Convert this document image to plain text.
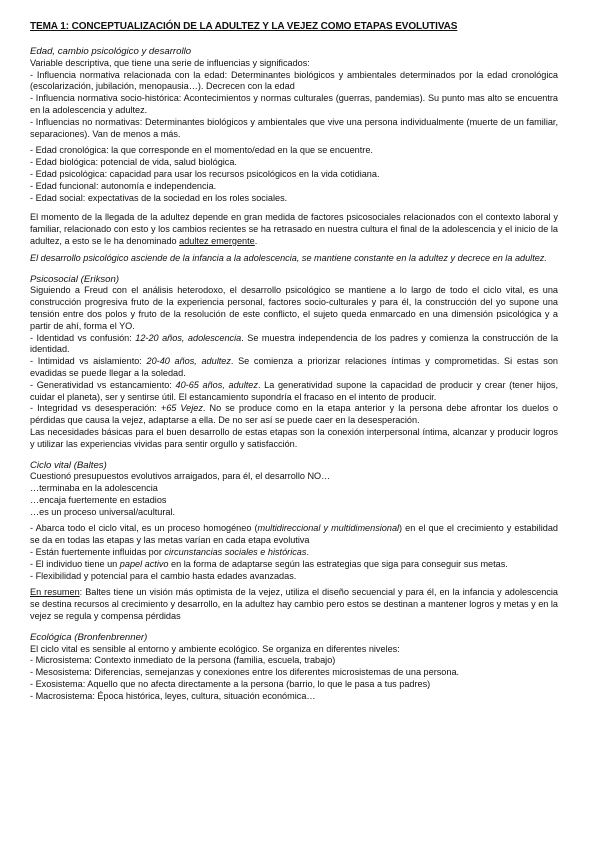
TEMA 1: CONCEPTUALIZACIÓN DE LA ADULTEZ Y LA VEJEZ COMO ETAPAS EVOLUTIVAS

Edad, cambio psicológico y desarrollo

Variable descriptiva, que tiene una serie de influencias y significados:

- Influencia normativa relacionada con la edad: Determinantes biológicos y ambientales determinados por la edad cronológica (escolarización, jubilación, menopausia…). Decrecen con la edad

- Influencia normativa socio-histórica: Acontecimientos y normas culturales (guerras, pandemias). Su punto mas alto se encuentra en la adolescencia y adultez.

- Influencias no normativas: Determinantes biológicos y ambientales que vive una persona individualmente (muerte de un familiar, separaciones). Van de menos a más.

- Edad cronológica: la que corresponde en el momento/edad en la que se encuentre.

- Edad biológica: potencial de vida, salud biológica.

- Edad psicológica: capacidad para usar los recursos psicológicos en la vida cotidiana.

- Edad funcional: autonomía e independencia.

- Edad social: expectativas de la sociedad en los roles sociales.

El momento de la llegada de la adultez depende en gran medida de factores psicosociales relacionados con el contexto laboral y familiar, relacionado con esto y los cambios recientes se ha retrasado en nuestra cultura el final de la adolescencia y el inicio de la adultez, a esto se le ha denominado adultez emergente.

El desarrollo psicológico asciende de la infancia a la adolescencia, se mantiene constante en la adultez y decrece en la adultez.

Psicosocial (Erikson)

Siguiendo a Freud con el análisis heterodoxo, el desarrollo psicológico se mantiene a lo largo de todo el ciclo vital, es una construcción progresiva fruto de la experiencia personal, factores socio-culturales y para él, la construcción del yo supone una tensión entre dos polos y fruto de la resolución de este conflicto, el sujeto queda enmarcado en una dimensión psicológica y a partir de ahí, forma el YO.

- Identidad vs confusión: 12-20 años, adolescencia. Se muestra independencia de los padres y comienza la construcción de la identidad.

- Intimidad vs aislamiento: 20-40 años, adultez. Se comienza a priorizar relaciones íntimas y comprometidas. Si estas son evadidas se puede llegar a la soledad.

- Generatividad vs estancamiento: 40-65 años, adultez. La generatividad supone la capacidad de producir y crear (tener hijos, cuidar el planeta), ser y sentirse útil. El estancamiento supondría el fracaso en el intento de producir.

- Integridad vs desesperación: +65 Vejez. No se produce como en la etapa anterior y la persona debe afrontar los duelos o pérdidas que causa la vejez, adaptarse a ella. De no ser así se puede caer en la desesperación.

Las necesidades básicas para el buen desarrollo de estas etapas son la conexión interpersonal íntima, alcanzar y producir logros y utilizar las experiencias vividas para sentir orgullo y satisfacción.

Ciclo vital (Baltes)

Cuestionó presupuestos evolutivos arraigados, para él, el desarrollo NO…

…terminaba en la adolescencia

…encaja fuertemente en estadios

…es un proceso universal/acultural.

- Abarca todo el ciclo vital, es un proceso homogéneo (multidireccional y multidimensional) en el que el crecimiento y estabilidad se da en todas las etapas y las metas varían en cada etapa evolutiva

- Están fuertemente influidas por circunstancias sociales e históricas.

- El individuo tiene un papel activo en la forma de adaptarse según las estrategias que siga para conseguir sus metas.

- Flexibilidad y potencial para el cambio hasta edades avanzadas.

En resumen: Baltes tiene un visión más optimista de la vejez, utiliza el diseño secuencial y para él, en la infancia y adolescencia se destina recursos al crecimiento y desarrollo, en la adultez hay cambio pero estos se destinan a mantener logros y metas y en la vejez se regula y compensa pérdidas

Ecológica (Bronfenbrenner)

El ciclo vital es sensible al entorno y ambiente ecológico. Se organiza en diferentes niveles:

- Microsistema: Contexto inmediato de la persona (familia, escuela, trabajo)

- Mesosistema: Diferencias, semejanzas y conexiones entre los diferentes microsistemas de una persona.

- Exosistema: Aquello que no afecta directamente a la persona (barrio, lo que le pasa a tus padres)

- Macrosistema: Época histórica, leyes, cultura, situación económica…
